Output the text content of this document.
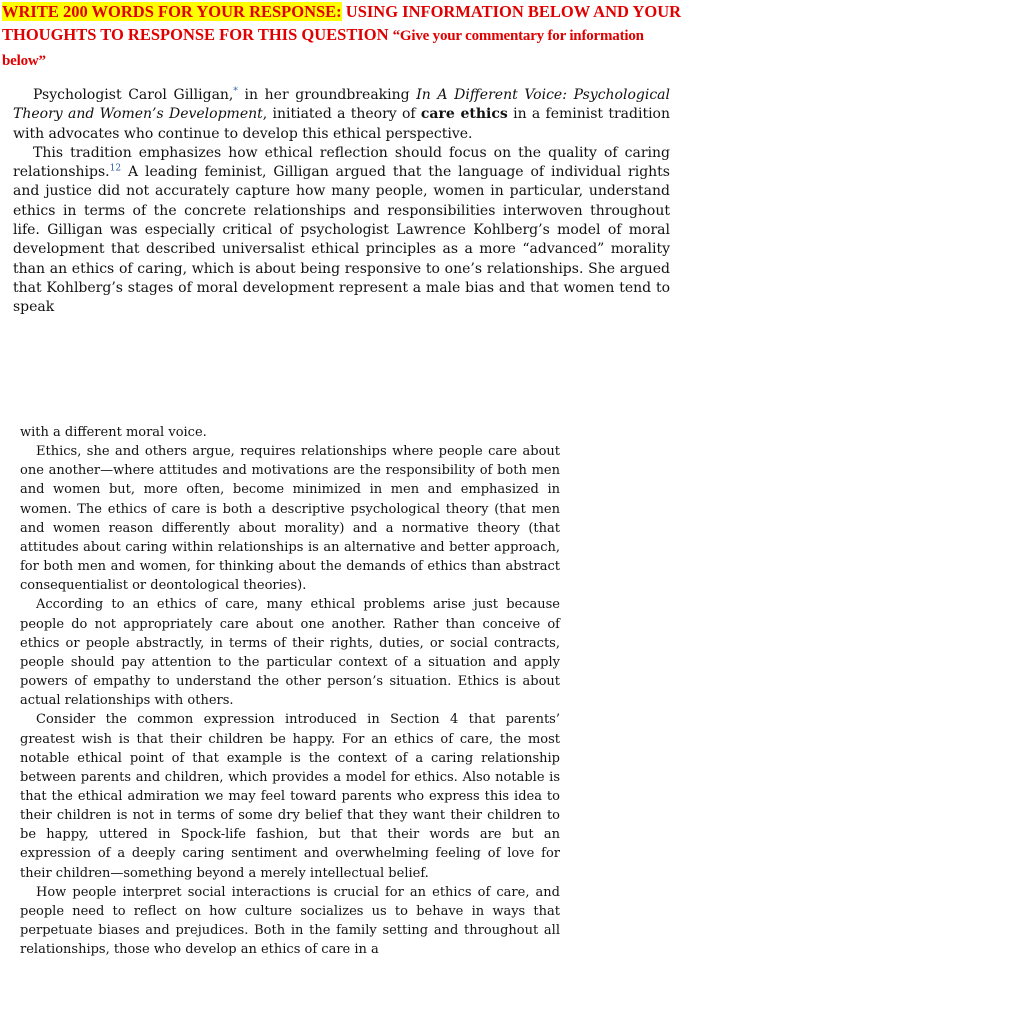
WRITE 200 WORDS FOR YOUR RESPONSE: USING INFORMATION BELOW AND YOUR
THOUGHTS TO RESPONSE FOR THIS QUESTION “Give your commentary for information
below”

Psychologist Carol Gilligan,* in her groundbreaking In A Different Voice: Psychological Theory and Women’s Development, initiated a theory of care ethics in a feminist tradition with advocates who continue to develop this ethical perspective.

This tradition emphasizes how ethical reflection should focus on the quality of caring relationships.$^{12}$ A leading feminist, Gilligan argued that the language of individual rights and justice did not accurately capture how many people, women in particular, understand ethics in terms of the concrete relationships and responsibilities interwoven throughout life. Gilligan was especially critical of psychologist Lawrence Kohlberg’s model of moral development that described universalist ethical principles as a more “advanced” morality than an ethics of caring, which is about being responsive to one’s relationships. She argued that Kohlberg’s stages of moral development represent a male bias and that women tend to speak

with a different moral voice.

Ethics, she and others argue, requires relationships where people care about one another—where attitudes and motivations are the responsibility of both men and women but, more often, become minimized in men and emphasized in women. The ethics of care is both a descriptive psychological theory (that men and women reason differently about morality) and a normative theory (that attitudes about caring within relationships is an alternative and better approach, for both men and women, for thinking about the demands of ethics than abstract consequentialist or deontological theories).

According to an ethics of care, many ethical problems arise just because people do not appropriately care about one another. Rather than conceive of ethics or people abstractly, in terms of their rights, duties, or social contracts, people should pay attention to the particular context of a situation and apply powers of empathy to understand the other person’s situation. Ethics is about actual relationships with others.

Consider the common expression introduced in Section 4 that parents’ greatest wish is that their children be happy. For an ethics of care, the most notable ethical point of that example is the context of a caring relationship between parents and children, which provides a model for ethics. Also notable is that the ethical admiration we may feel toward parents who express this idea to their children is not in terms of some dry belief that they want their children to be happy, uttered in Spock-life fashion, but that their words are but an expression of a deeply caring sentiment and overwhelming feeling of love for their children—something beyond a merely intellectual belief.

How people interpret social interactions is crucial for an ethics of care, and people need to reflect on how culture socializes us to behave in ways that perpetuate biases and prejudices. Both in the family setting and throughout all relationships, those who develop an ethics of care in a
